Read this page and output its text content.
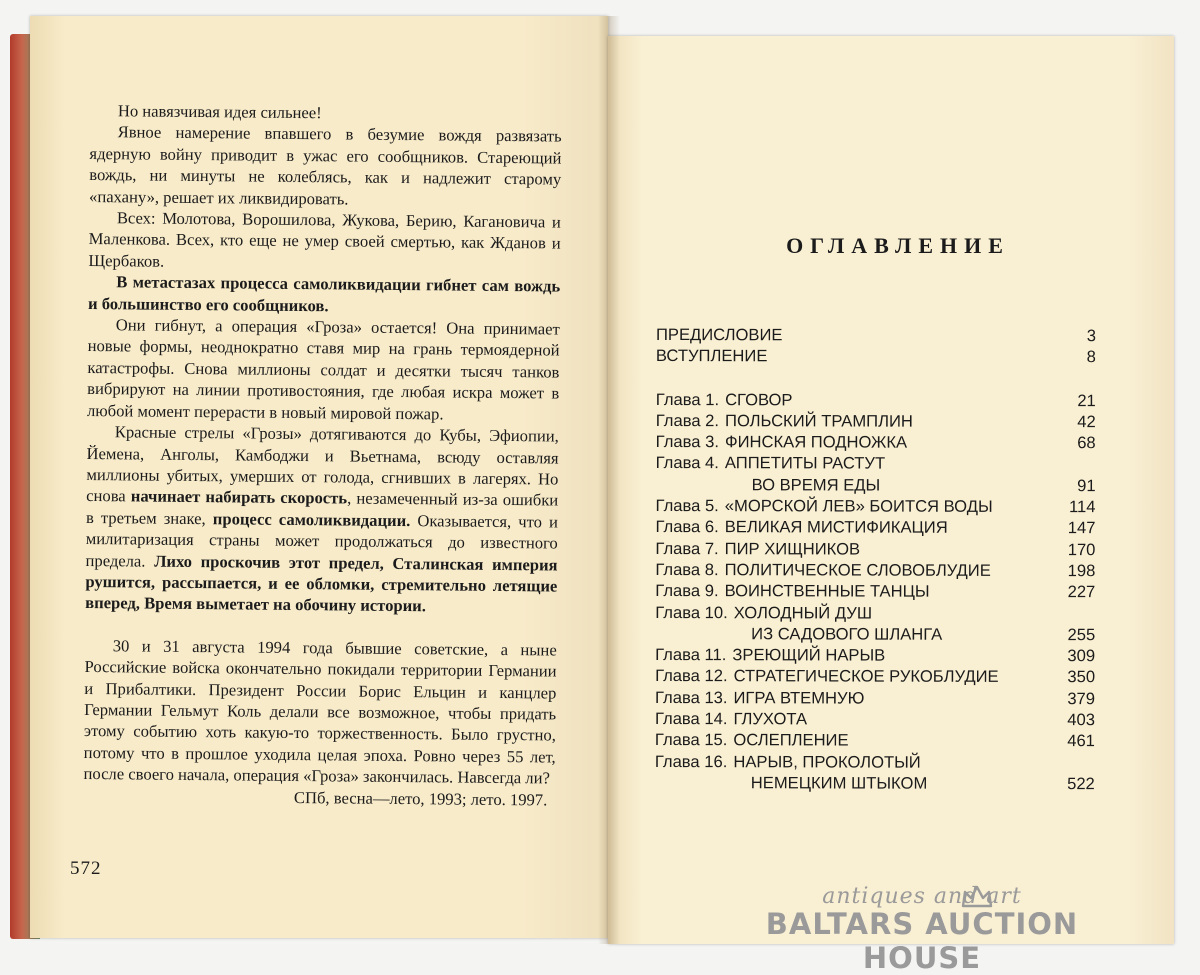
Но навязчивая идея сильнее!

Явное намерение впавшего в безумие вождя развязать ядерную войну приводит в ужас его сообщников. Стареющий вождь, ни минуты не колеблясь, как и надлежит старому «пахану», решает их ликвидировать.

Всех: Молотова, Ворошилова, Жукова, Берию, Кагановича и Маленкова. Всех, кто еще не умер своей смертью, как Жданов и Щербаков.

В метастазах процесса самоликвидации гибнет сам вождь и большинство его сообщников.

Они гибнут, а операция «Гроза» остается! Она принимает новые формы, неоднократно ставя мир на грань термоядерной катастрофы. Снова миллионы солдат и десятки тысяч танков вибрируют на линии противостояния, где любая искра может в любой момент перерасти в новый мировой пожар.

Красные стрелы «Грозы» дотягиваются до Кубы, Эфиопии, Йемена, Анголы, Камбоджи и Вьетнама, всюду оставляя миллионы убитых, умерших от голода, сгнивших в лагерях. Но снова начинает набирать скорость, незамеченный из-за ошибки в третьем знаке, процесс самоликвидации. Оказывается, что и милитаризация страны может продолжаться до известного предела. Лихо проскочив этот предел, Сталинская империя рушится, рассыпается, и ее обломки, стремительно летящие вперед, Время выметает на обочину истории.

30 и 31 августа 1994 года бывшие советские, а ныне Российские войска окончательно покидали территории Германии и Прибалтики. Президент России Борис Ельцин и канцлер Германии Гельмут Коль делали все возможное, чтобы придать этому событию хоть какую-то торжественность. Было грустно, потому что в прошлое уходила целая эпоха. Ровно через 55 лет, после своего начала, операция «Гроза» закончилась. Навсегда ли?

СПб, весна—лето, 1993; лето. 1997.

572
ОГЛАВЛЕНИЕ
ПРЕДИСЛОВИЕ	3
ВСТУПЛЕНИЕ	8
Глава 1. СГОВОР	21
Глава 2. ПОЛЬСКИЙ ТРАМПЛИН	42
Глава 3. ФИНСКАЯ ПОДНОЖКА	68
Глава 4. АППЕТИТЫ РАСТУТ
ВО ВРЕМЯ ЕДЫ	91
Глава 5. «МОРСКОЙ ЛЕВ» БОИТСЯ ВОДЫ	114
Глава 6. ВЕЛИКАЯ МИСТИФИКАЦИЯ	147
Глава 7. ПИР ХИЩНИКОВ	170
Глава 8. ПОЛИТИЧЕСКОЕ СЛОВОБЛУДИЕ	198
Глава 9. ВОИНСТВЕННЫЕ ТАНЦЫ	227
Глава 10. ХОЛОДНЫЙ ДУШ
ИЗ САДОВОГО ШЛАНГА	255
Глава 11. ЗРЕЮЩИЙ НАРЫВ	309
Глава 12. СТРАТЕГИЧЕСКОЕ РУКОБЛУДИЕ	350
Глава 13. ИГРА ВТЕМНУЮ	379
Глава 14. ГЛУХОТА	403
Глава 15. ОСЛЕПЛЕНИЕ	461
Глава 16. НАРЫВ, ПРОКОЛОТЫЙ
НЕМЕЦКИМ ШТЫКОМ	522
antiques and art
BALTARS AUCTION HOUSE
